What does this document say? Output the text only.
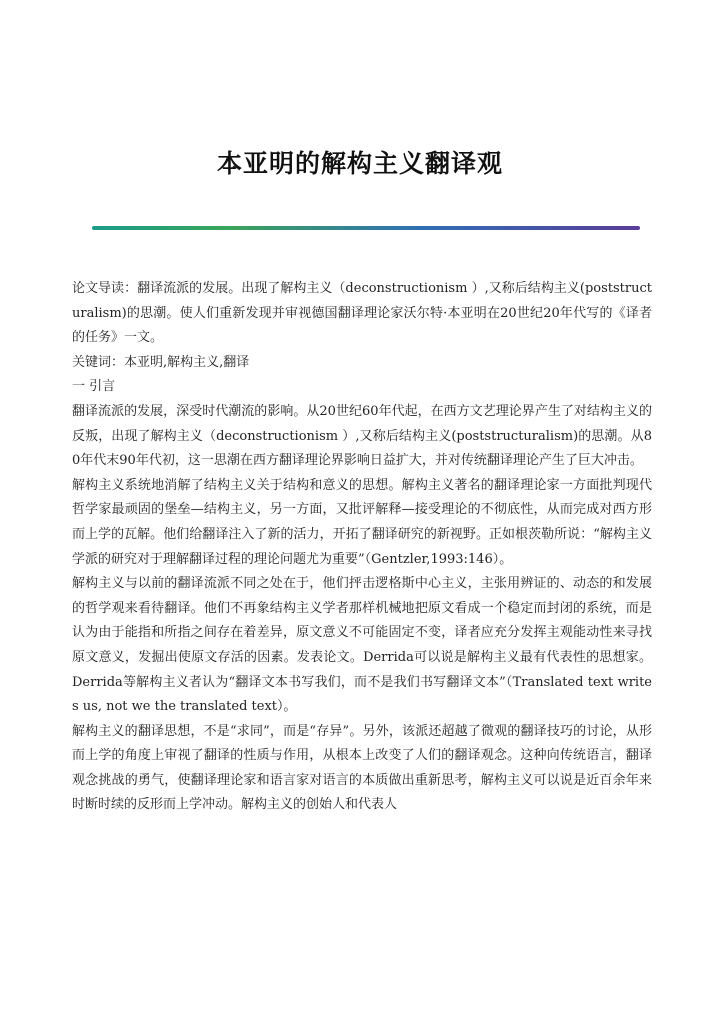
本亚明的解构主义翻译观

论文导读：翻译流派的发展。出现了解构主义（deconstructionism ）,又称后结构主义(poststructuralism)的思潮。使人们重新发现并审视德国翻译理论家沃尔特·本亚明在20世纪20年代写的《译者的任务》一文。

关键词：本亚明,解构主义,翻译

一 引言

翻译流派的发展，深受时代潮流的影响。从20世纪60年代起，在西方文艺理论界产生了对结构主义的反叛，出现了解构主义（deconstructionism ）,又称后结构主义(poststructuralism)的思潮。从80年代末90年代初，这一思潮在西方翻译理论界影响日益扩大，并对传统翻译理论产生了巨大冲击。

解构主义系统地消解了结构主义关于结构和意义的思想。解构主义著名的翻译理论家一方面批判现代哲学家最顽固的堡垒—结构主义，另一方面，又批评解释—接受理论的不彻底性，从而完成对西方形而上学的瓦解。他们给翻译注入了新的活力，开拓了翻译研究的新视野。正如根茨勒所说：“解构主义学派的研究对于理解翻译过程的理论问题尤为重要”（Gentzler,1993:146）。

解构主义与以前的翻译流派不同之处在于，他们抨击逻格斯中心主义，主张用辨证的、动态的和发展的哲学观来看待翻译。他们不再象结构主义学者那样机械地把原文看成一个稳定而封闭的系统，而是认为由于能指和所指之间存在着差异，原文意义不可能固定不变，译者应充分发挥主观能动性来寻找原文意义，发掘出使原文存活的因素。发表论文。Derrida可以说是解构主义最有代表性的思想家。Derrida等解构主义者认为“翻译文本书写我们，而不是我们书写翻译文本”（Translated text writes us, not we the translated text）。

解构主义的翻译思想，不是“求同”，而是“存异”。另外，该派还超越了微观的翻译技巧的讨论，从形而上学的角度上审视了翻译的性质与作用，从根本上改变了人们的翻译观念。这种向传统语言，翻译观念挑战的勇气，使翻译理论家和语言家对语言的本质做出重新思考，解构主义可以说是近百余年来时断时续的反形而上学冲动。解构主义的创始人和代表人
